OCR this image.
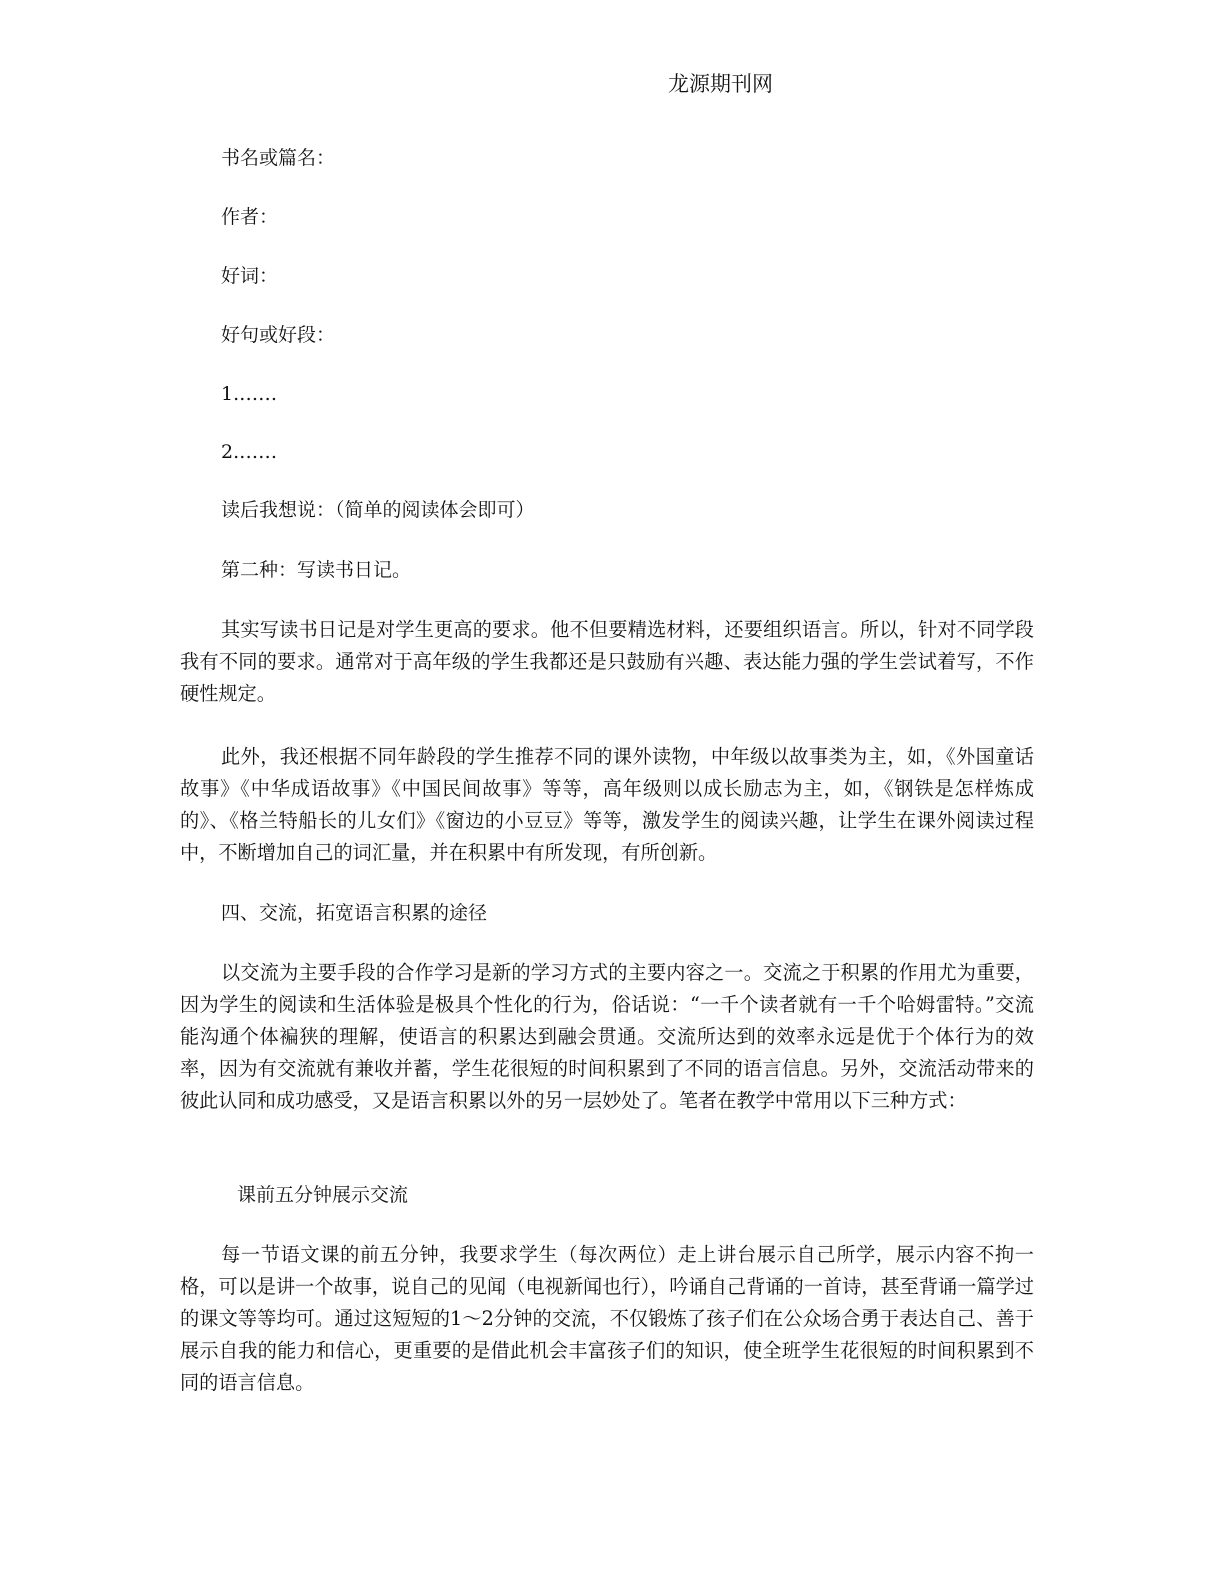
龙源期刊网
书名或篇名：
作者：
好词：
好句或好段：
1.……
2.……
读后我想说：（简单的阅读体会即可）
第二种：写读书日记。

其实写读书日记是对学生更高的要求。他不但要精选材料，还要组织语言。所以，针对不同学段我有不同的要求。通常对于高年级的学生我都还是只鼓励有兴趣、表达能力强的学生尝试着写，不作硬性规定。

此外，我还根据不同年龄段的学生推荐不同的课外读物，中年级以故事类为主，如，《外国童话故事》《中华成语故事》《中国民间故事》等等，高年级则以成长励志为主，如，《钢铁是怎样炼成的》、《格兰特船长的儿女们》《窗边的小豆豆》等等，激发学生的阅读兴趣，让学生在课外阅读过程中，不断增加自己的词汇量，并在积累中有所发现，有所创新。

四、交流，拓宽语言积累的途径

以交流为主要手段的合作学习是新的学习方式的主要内容之一。交流之于积累的作用尤为重要，因为学生的阅读和生活体验是极具个性化的行为，俗话说：“一千个读者就有一千个哈姆雷特。”交流能沟通个体褊狭的理解，使语言的积累达到融会贯通。交流所达到的效率永远是优于个体行为的效率，因为有交流就有兼收并蓄，学生花很短的时间积累到了不同的语言信息。另外，交流活动带来的彼此认同和成功感受，又是语言积累以外的另一层妙处了。笔者在教学中常用以下三种方式：

课前五分钟展示交流

每一节语文课的前五分钟，我要求学生（每次两位）走上讲台展示自己所学，展示内容不拘一格，可以是讲一个故事，说自己的见闻（电视新闻也行），吟诵自己背诵的一首诗，甚至背诵一篇学过的课文等等均可。通过这短短的1～2分钟的交流，不仅锻炼了孩子们在公众场合勇于表达自己、善于展示自我的能力和信心，更重要的是借此机会丰富孩子们的知识，使全班学生花很短的时间积累到不同的语言信息。
